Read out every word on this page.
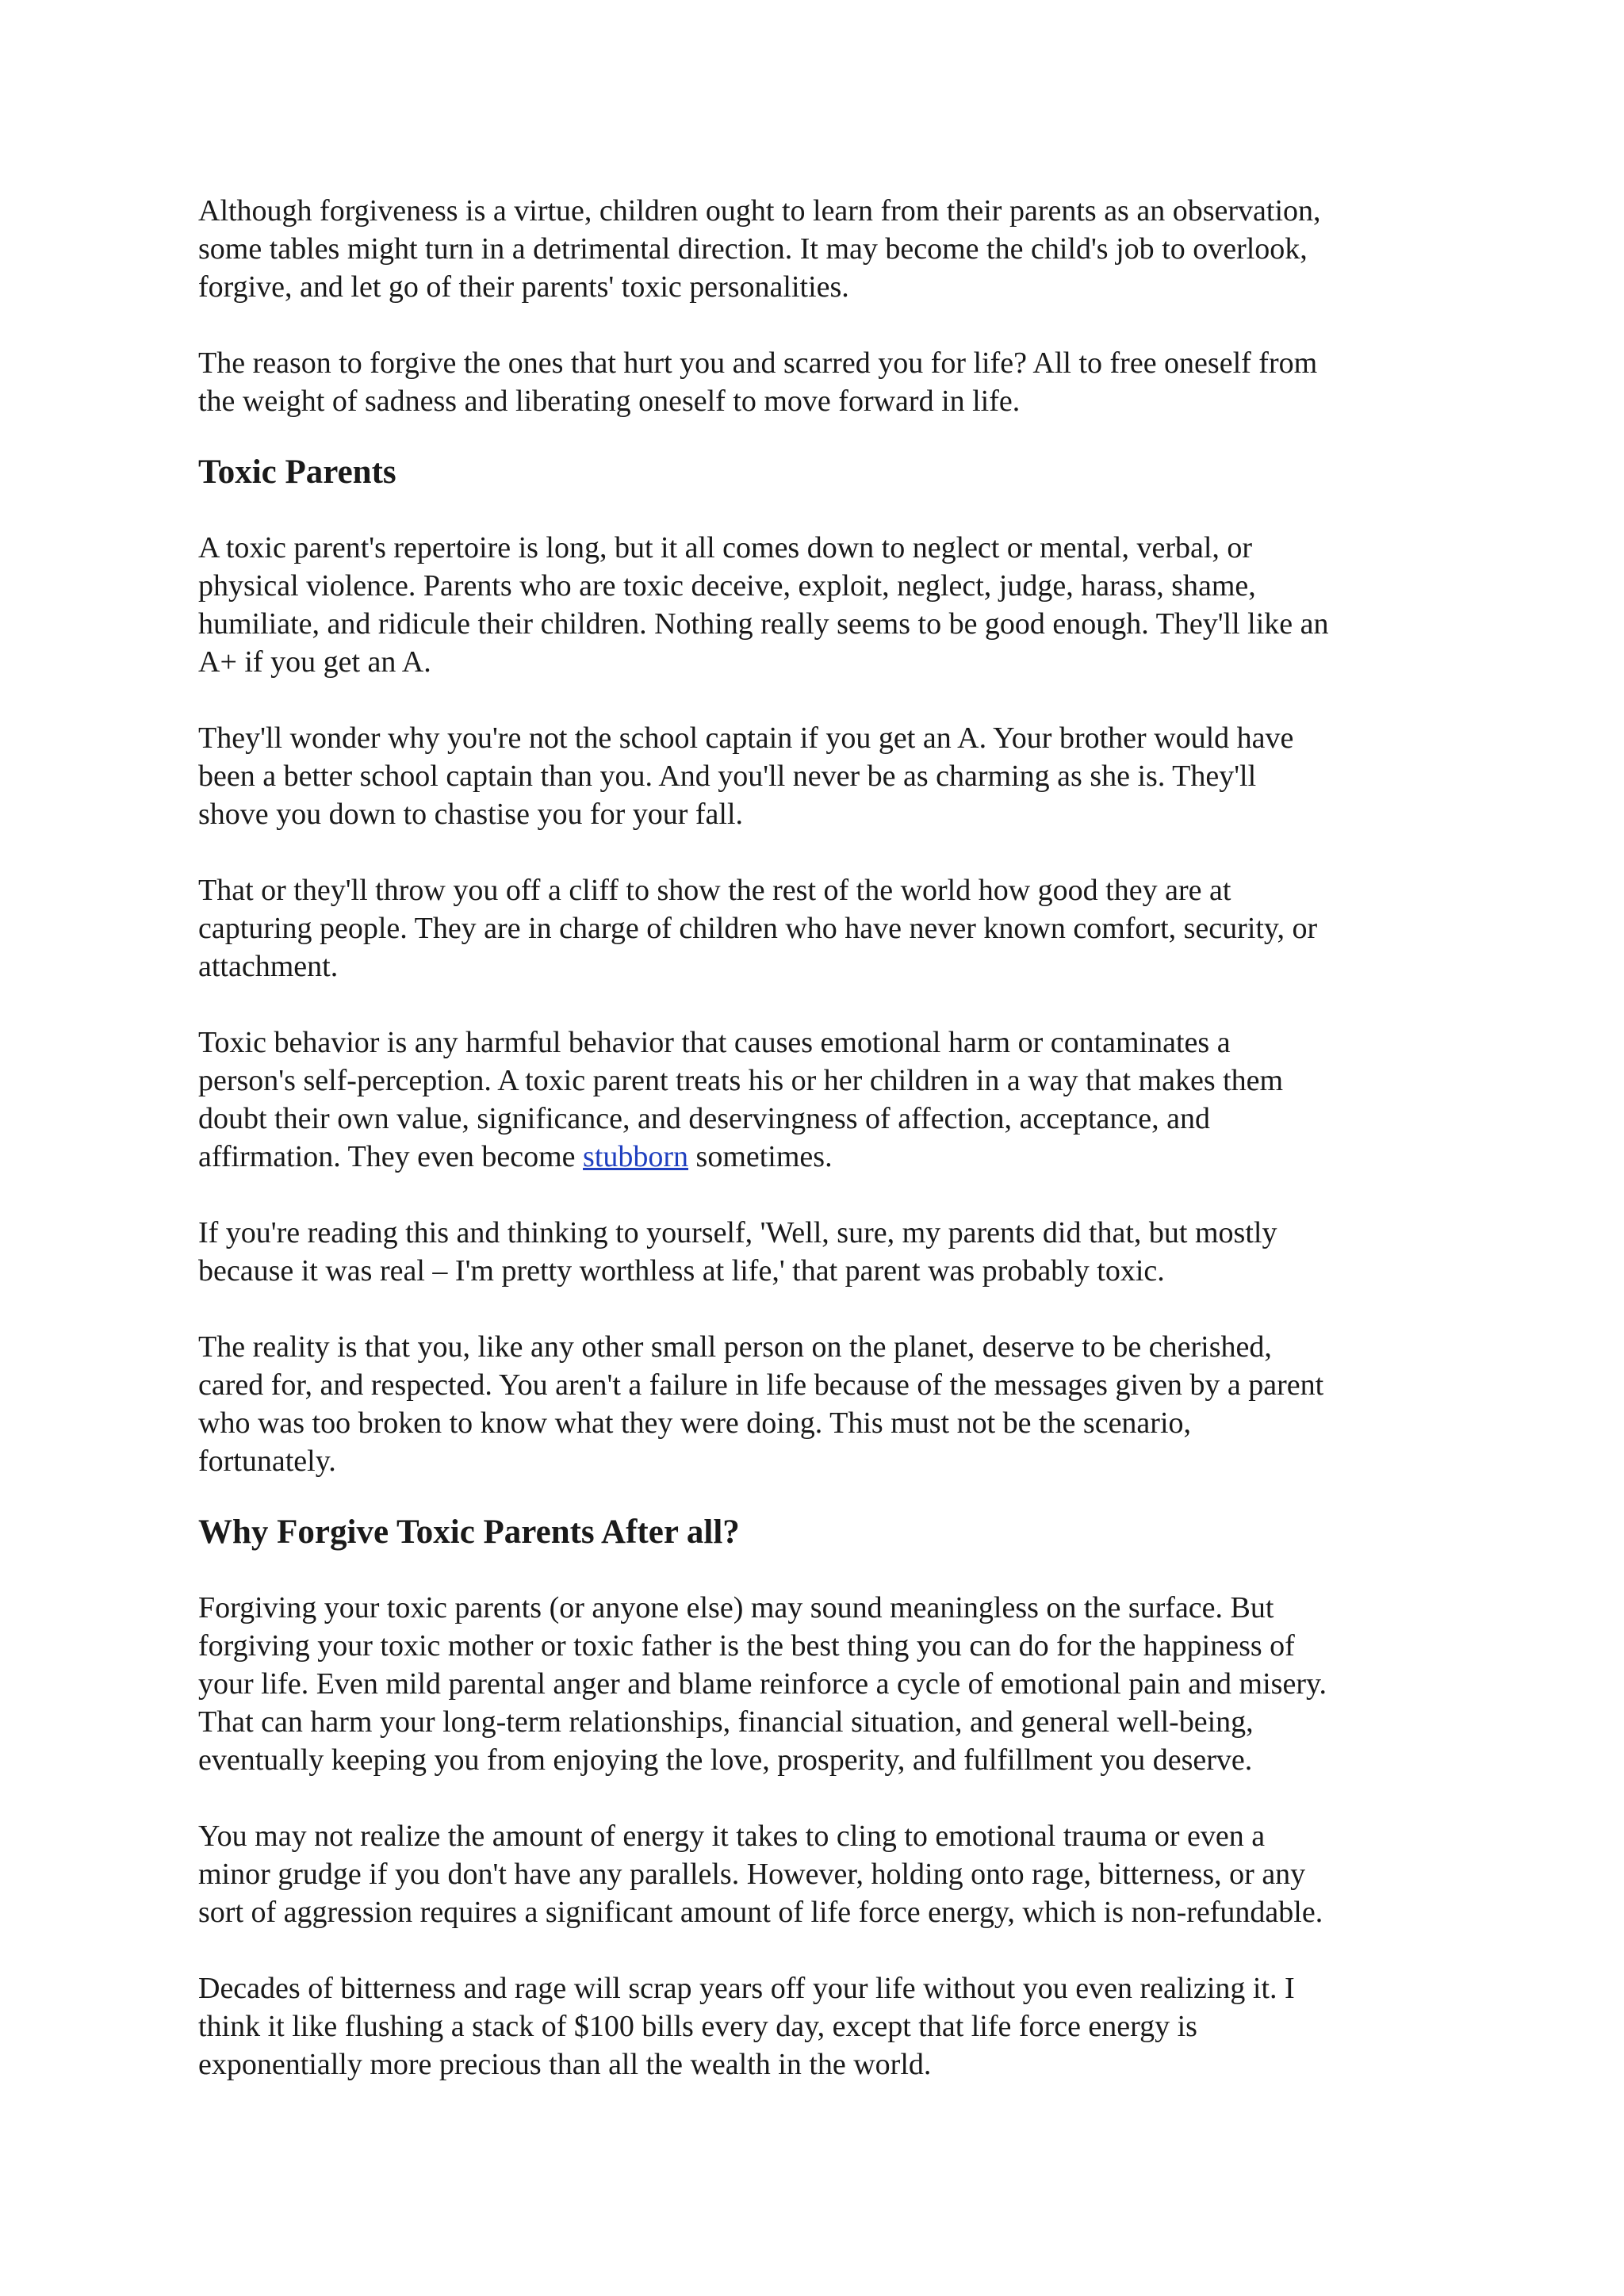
Although forgiveness is a virtue, children ought to learn from their parents as an observation,
some tables might turn in a detrimental direction. It may become the child's job to overlook,
forgive, and let go of their parents' toxic personalities.

The reason to forgive the ones that hurt you and scarred you for life? All to free oneself from
the weight of sadness and liberating oneself to move forward in life.

Toxic Parents

A toxic parent's repertoire is long, but it all comes down to neglect or mental, verbal, or
physical violence. Parents who are toxic deceive, exploit, neglect, judge, harass, shame,
humiliate, and ridicule their children. Nothing really seems to be good enough. They'll like an
A+ if you get an A.

They'll wonder why you're not the school captain if you get an A. Your brother would have
been a better school captain than you. And you'll never be as charming as she is. They'll
shove you down to chastise you for your fall.

That or they'll throw you off a cliff to show the rest of the world how good they are at
capturing people. They are in charge of children who have never known comfort, security, or
attachment.

Toxic behavior is any harmful behavior that causes emotional harm or contaminates a
person's self-perception. A toxic parent treats his or her children in a way that makes them
doubt their own value, significance, and deservingness of affection, acceptance, and
affirmation. They even become stubborn sometimes.

If you're reading this and thinking to yourself, 'Well, sure, my parents did that, but mostly
because it was real – I'm pretty worthless at life,' that parent was probably toxic.

The reality is that you, like any other small person on the planet, deserve to be cherished,
cared for, and respected. You aren't a failure in life because of the messages given by a parent
who was too broken to know what they were doing. This must not be the scenario,
fortunately.

Why Forgive Toxic Parents After all?

Forgiving your toxic parents (or anyone else) may sound meaningless on the surface. But
forgiving your toxic mother or toxic father is the best thing you can do for the happiness of
your life. Even mild parental anger and blame reinforce a cycle of emotional pain and misery.
That can harm your long-term relationships, financial situation, and general well-being,
eventually keeping you from enjoying the love, prosperity, and fulfillment you deserve.

You may not realize the amount of energy it takes to cling to emotional trauma or even a
minor grudge if you don't have any parallels. However, holding onto rage, bitterness, or any
sort of aggression requires a significant amount of life force energy, which is non-refundable.

Decades of bitterness and rage will scrap years off your life without you even realizing it. I
think it like flushing a stack of $100 bills every day, except that life force energy is
exponentially more precious than all the wealth in the world.
